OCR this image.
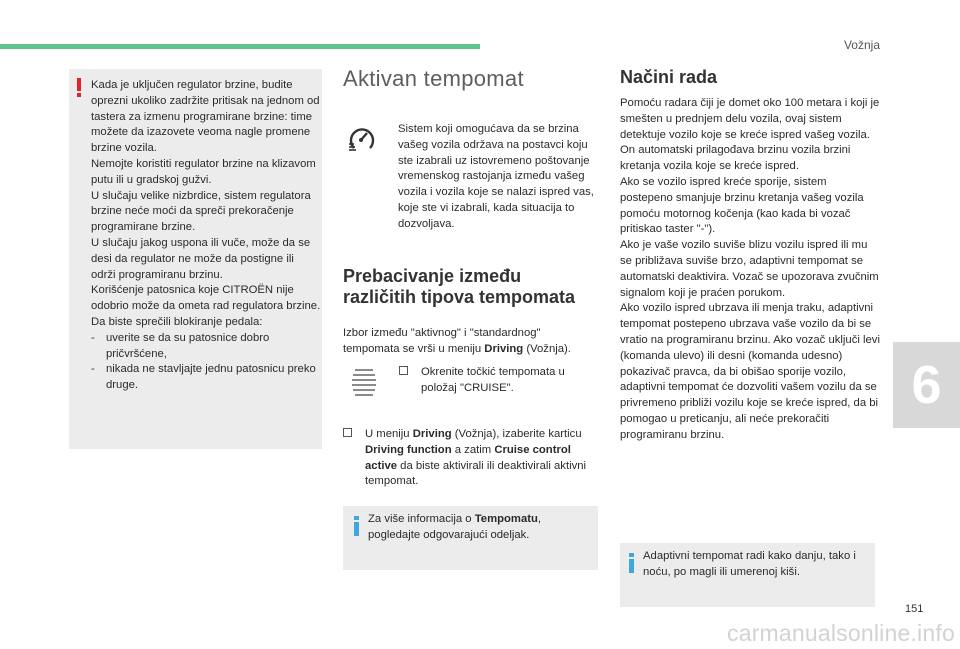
Vožnja
6
151

Kada je uključen regulator brzine, budite oprezni ukoliko zadržite pritisak na jednom od tastera za izmenu programirane brzine: time možete da izazovete veoma nagle promene brzine vozila.

Nemojte koristiti regulator brzine na klizavom putu ili u gradskoj gužvi.

U slučaju velike nizbrdice, sistem regulatora brzine neće moći da spreči prekoračenje programirane brzine.

U slučaju jakog uspona ili vuče, može da se desi da regulator ne može da postigne ili održi programiranu brzinu.

Korišćenje patosnica koje CITROËN nije odobrio može da ometa rad regulatora brzine.

Da biste sprečili blokiranje pedala:

- uverite se da su patosnice dobro pričvršćene,
- nikada ne stavljajte jednu patosnicu preko druge.
Aktivan tempomat
Sistem koji omogućava da se brzina vašeg vozila održava na postavci koju ste izabrali uz istovremeno poštovanje vremenskog rastojanja između vašeg vozila i vozila koje se nalazi ispred vas, koje ste vi izabrali, kada situacija to dozvoljava.
Prebacivanje između
različitih tipova tempomata
Izbor između "aktivnog" i "standardnog" tempomata se vrši u meniju Driving (Vožnja).
Okrenite točkić tempomata u položaj "CRUISE".
U meniju Driving (Vožnja), izaberite karticu Driving function a zatim Cruise control active da biste aktivirali ili deaktivirali aktivni tempomat.
Za više informacija o Tempomatu, pogledajte odgovarajući odeljak.
Načini rada

Pomoću radara čiji je domet oko 100 metara i koji je smešten u prednjem delu vozila, ovaj sistem detektuje vozilo koje se kreće ispred vašeg vozila.

On automatski prilagođava brzinu vozila brzini kretanja vozila koje se kreće ispred.

Ako se vozilo ispred kreće sporije, sistem postepeno smanjuje brzinu kretanja vašeg vozila pomoću motornog kočenja (kao kada bi vozač pritiskao taster "-").

Ako je vaše vozilo suviše blizu vozilu ispred ili mu se približava suviše brzo, adaptivni tempomat se automatski deaktivira. Vozač se upozorava zvučnim signalom koji je praćen porukom.

Ako vozilo ispred ubrzava ili menja traku, adaptivni tempomat postepeno ubrzava vaše vozilo da bi se vratio na programiranu brzinu. Ako vozač uključi levi (komanda ulevo) ili desni (komanda udesno) pokazivač pravca, da bi obišao sporije vozilo, adaptivni tempomat će dozvoliti vašem vozilu da se privremeno približi vozilu koje se kreće ispred, da bi pomogao u preticanju, ali neće prekoračiti programiranu brzinu.

Adaptivni tempomat radi kako danju, tako i noću, po magli ili umerenoj kiši.
carmanualsonline.info
